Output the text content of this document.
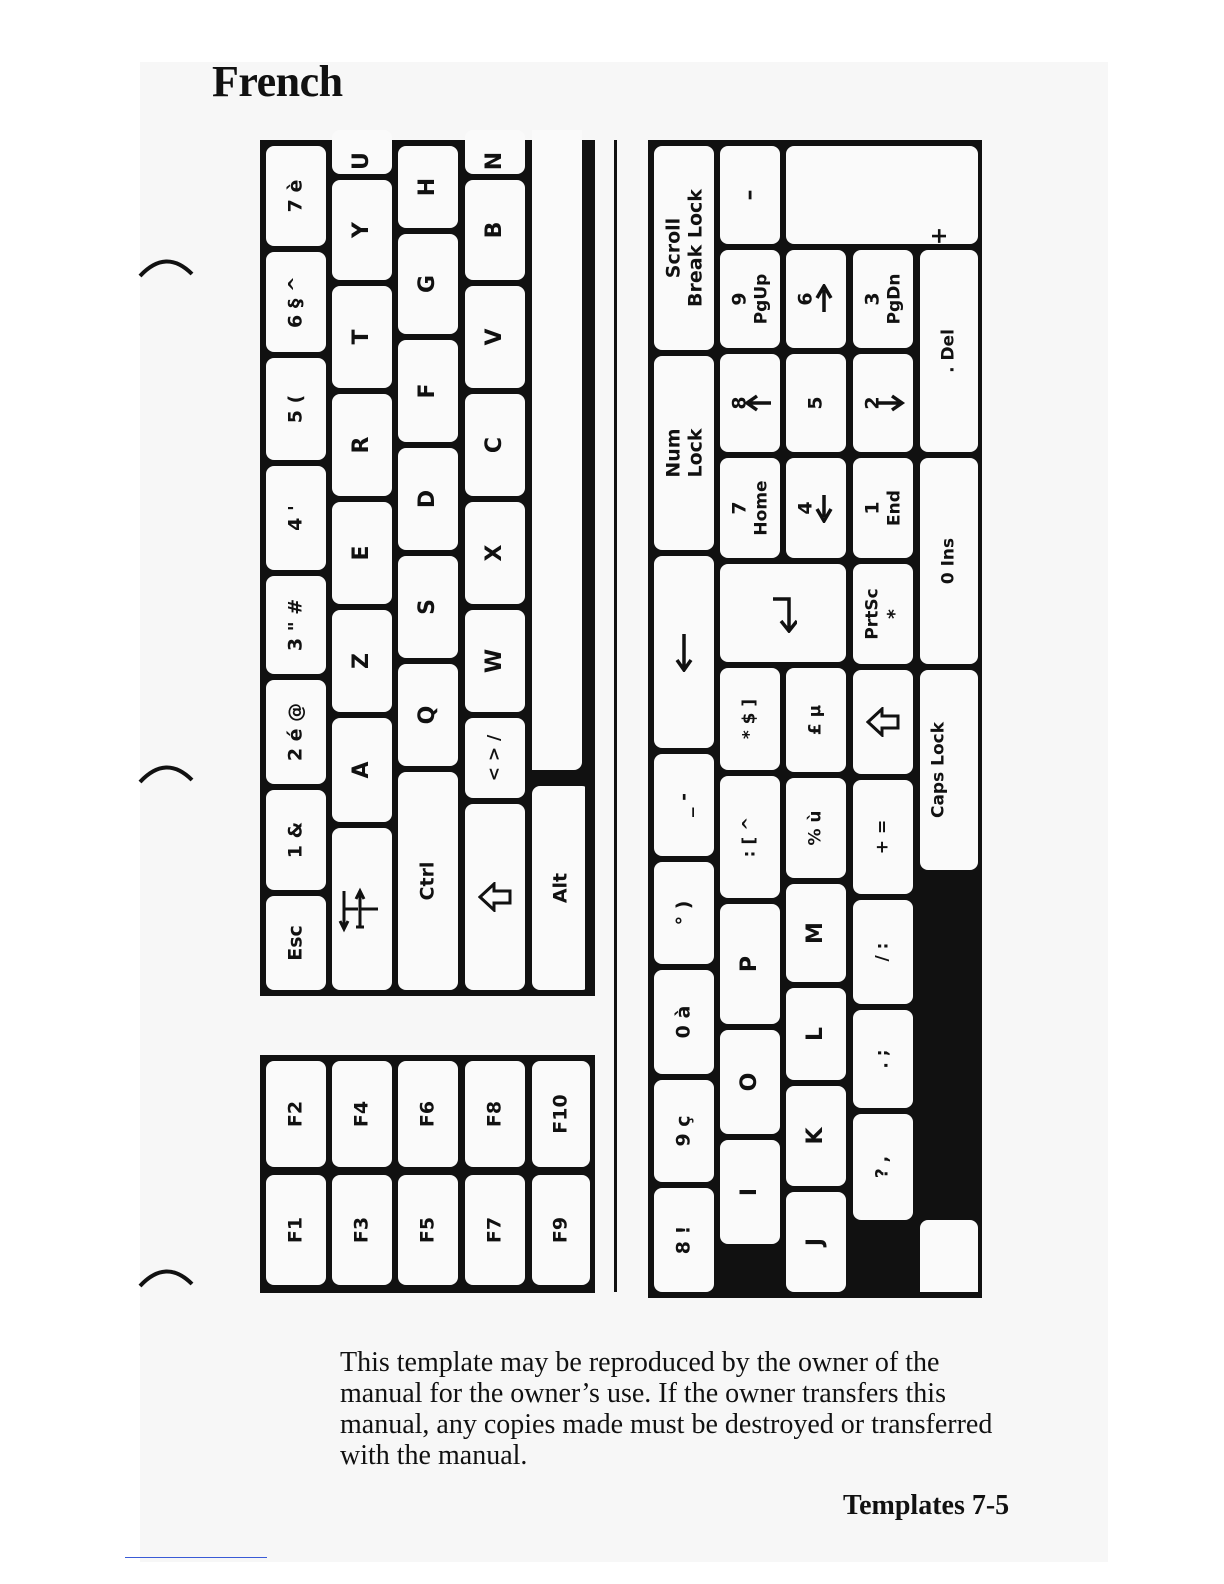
French
F2
F1
F4
F3
F6
F5
F8
F7
F10
F9
Esc
1 &
2 é @
3 " #
4 '
5 (
6 § ^
7 è
A
Z
E
R
T
Y
U
Ctrl
Q
S
D
F
G
H
< > /
W
X
C
V
B
N
Alt
8 !
9 ç
0 à
° )
_ -
Num Lock
Scroll Break Lock
I
O
P
: [ ^
* $ ]
7 Home
8
9 PgUp
–
J
K
L
M
% ù
£ µ
4
5
6
+
? ,
. ;
/ :
+ =
PrtSc *
1 End
2
3 PgDn
Caps Lock
0 Ins
. Del

This template may be reproduced by the owner of the manual for the owner’s use. If the owner transfers this manual, any copies made must be destroyed or transferred with the manual.

Templates 7-5
